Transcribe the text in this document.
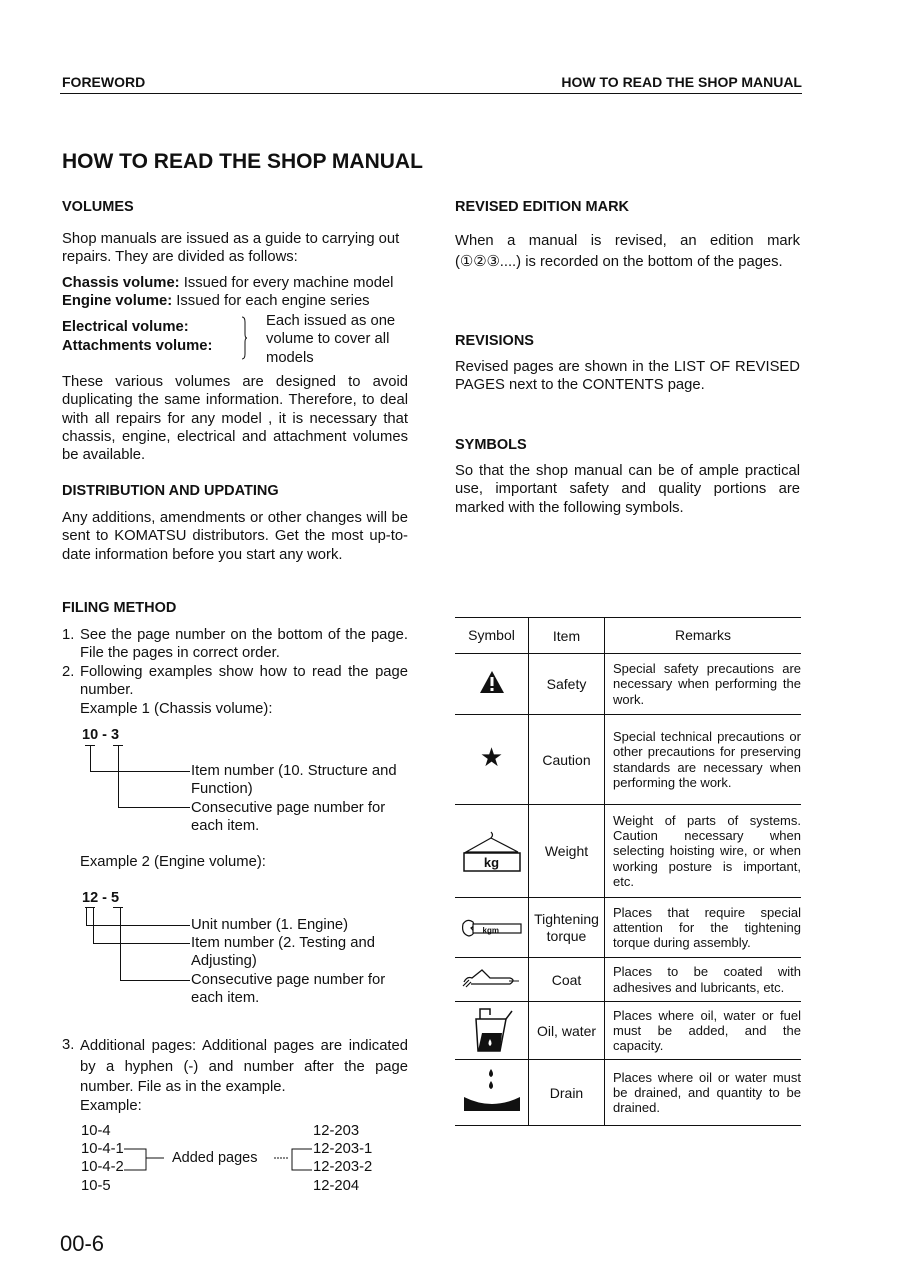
FOREWORD	HOW TO READ THE SHOP MANUAL
HOW TO READ THE SHOP MANUAL
VOLUMES
Shop manuals are issued as a guide to carrying out repairs. They are divided as follows:
Chassis volume: Issued for every machine model
Engine volume: Issued for each engine series
Electrical volume:
Attachments volume:
Each issued as one volume to cover all models
These various volumes are designed to avoid duplicating the same information. Therefore, to deal with all repairs for any model , it is necessary that chassis, engine, electrical and attachment volumes be available.
DISTRIBUTION AND UPDATING
Any additions, amendments or other changes will be sent to KOMATSU distributors. Get the most up-to-date information before you start any work.
FILING METHOD
1. See the page number on the bottom of the page. File the pages in correct order.
2. Following examples show how to read the page number.
Example 1 (Chassis volume):
10 - 3
Item number (10. Structure and Function)
Consecutive page number for each item.
Example 2 (Engine volume):
12 - 5
Unit number (1. Engine)
Item number (2. Testing and Adjusting)
Consecutive page number for each item.
3. Additional pages: Additional pages are indicated by a hyphen (-) and number after the page number. File as in the example.
Example:
10-4
10-4-1
10-4-2
10-5
12-203
12-203-1
12-203-2
12-204
Added pages
REVISED EDITION MARK
When a manual is revised, an edition mark (①②③....) is recorded on the bottom of the pages.
REVISIONS
Revised pages are shown in the LIST OF REVISED PAGES next to the CONTENTS page.
SYMBOLS
So that the shop manual can be of ample practical use, important safety and quality portions are marked with the following symbols.
Symbol	Item	Remarks
	Safety	Special safety precautions are necessary when performing the work.
★	Caution	Special technical precautions or other precautions for preserving standards are necessary when performing the work.

kg	Weight	Weight of parts of systems. Caution necessary when selecting hoisting wire, or when working posture is important, etc.

kgm	Tightening torque	Places that require special attention for the tightening torque during assembly.
	Coat	Places to be coated with adhesives and lubricants, etc.
	Oil, water	Places where oil, water or fuel must be added, and the capacity.
	Drain	Places where oil or water must be drained, and quantity to be drained.
00-6
